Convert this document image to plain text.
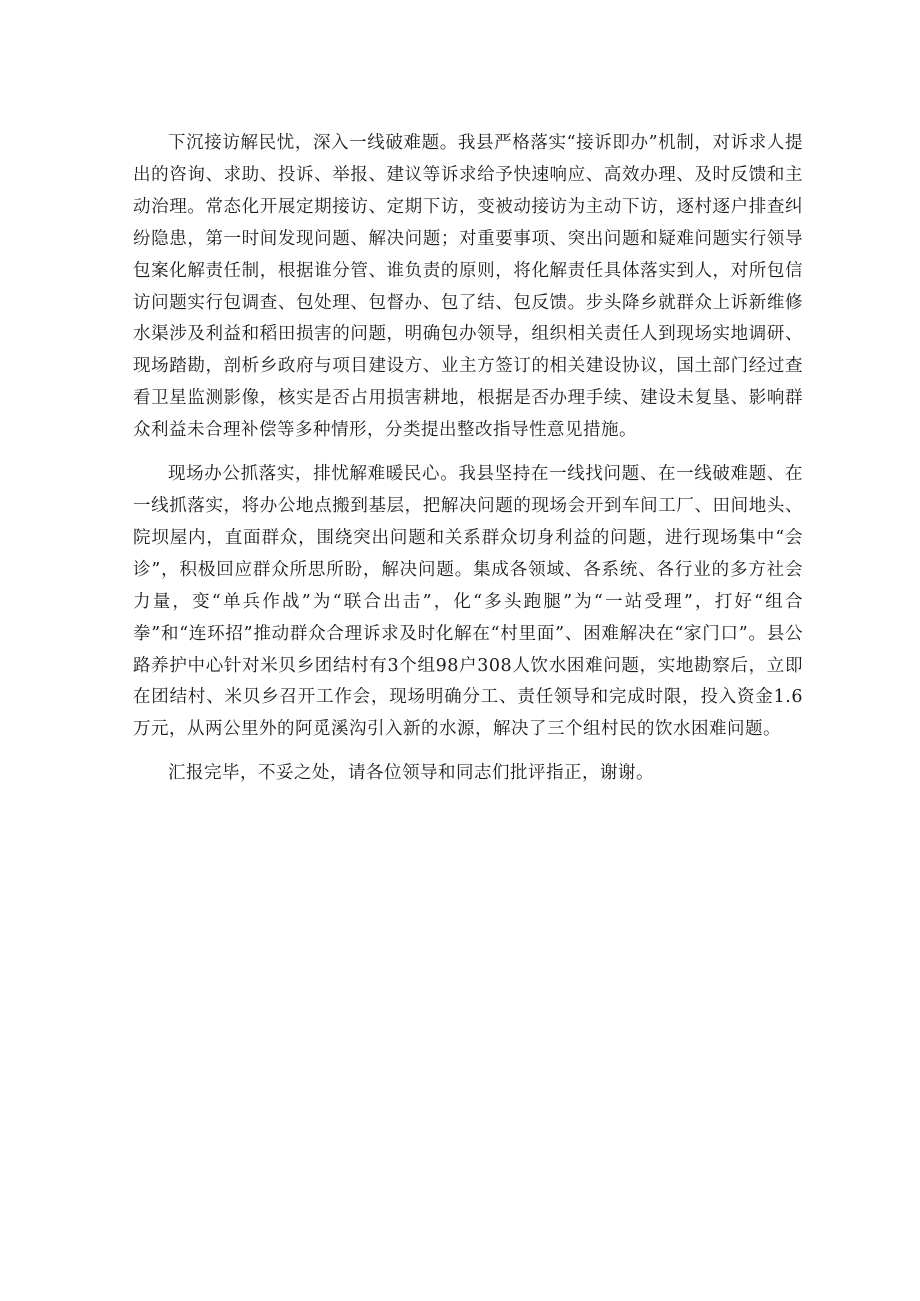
下沉接访解民忧，深入一线破难题。我县严格落实“接诉即办”机制，对诉求人提出的咨询、求助、投诉、举报、建议等诉求给予快速响应、高效办理、及时反馈和主动治理。常态化开展定期接访、定期下访，变被动接访为主动下访，逐村逐户排查纠纷隐患，第一时间发现问题、解决问题；对重要事项、突出问题和疑难问题实行领导包案化解责任制，根据谁分管、谁负责的原则，将化解责任具体落实到人，对所包信访问题实行包调查、包处理、包督办、包了结、包反馈。步头降乡就群众上诉新维修水渠涉及利益和稻田损害的问题，明确包办领导，组织相关责任人到现场实地调研、现场踏勘，剖析乡政府与项目建设方、业主方签订的相关建设协议，国土部门经过查看卫星监测影像，核实是否占用损害耕地，根据是否办理手续、建设未复垦、影响群众利益未合理补偿等多种情形，分类提出整改指导性意见措施。

现场办公抓落实，排忧解难暖民心。我县坚持在一线找问题、在一线破难题、在一线抓落实，将办公地点搬到基层，把解决问题的现场会开到车间工厂、田间地头、院坝屋内，直面群众，围绕突出问题和关系群众切身利益的问题，进行现场集中“会诊”，积极回应群众所思所盼，解决问题。集成各领域、各系统、各行业的多方社会力量，变“单兵作战”为“联合出击”，化“多头跑腿”为“一站受理”，打好“组合拳”和“连环招”推动群众合理诉求及时化解在“村里面”、困难解决在“家门口”。县公路养护中心针对米贝乡团结村有3个组98户308人饮水困难问题，实地勘察后，立即在团结村、米贝乡召开工作会，现场明确分工、责任领导和完成时限，投入资金1.6万元，从两公里外的阿觅溪沟引入新的水源，解决了三个组村民的饮水困难问题。

汇报完毕，不妥之处，请各位领导和同志们批评指正，谢谢。
